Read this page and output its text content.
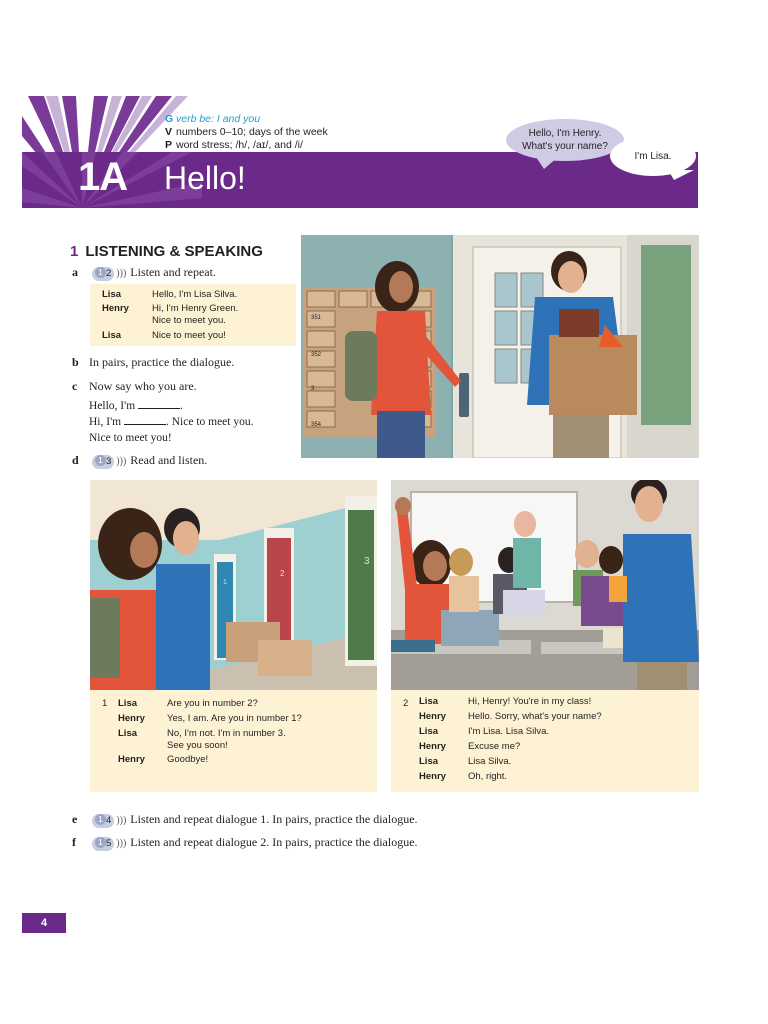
G verb be: I and you
V numbers 0–10; days of the week
P word stress; /h/, /aɪ/, and /i/
1A Hello!
Hello, I'm Henry.
What's your name?
I'm Lisa.
1 LISTENING & SPEAKING
a 1 2 ))) Listen and repeat.
Lisa	Hello, I'm Lisa Silva.
Henry Hi, I'm Henry Green.
Nice to meet you.
Lisa	Nice to meet you!
b In pairs, practice the dialogue.
c Now say who you are.
Hello, I'm	.
Hi, I'm	. Nice to meet you.
Nice to meet you!
d 1 3 ))) Read and listen.
351
352
354
3
3
2
1
1 Lisa	Are you in number 2?
Henry Yes, I am. Are you in number 1?
Lisa	No, I'm not. I'm in number 3.
See you soon!
Henry Goodbye!
2 Lisa	Hi, Henry! You're in my class!
Henry Hello. Sorry, what's your name?
Lisa	I'm Lisa. Lisa Silva.
Henry Excuse me?
Lisa	Lisa Silva.
Henry Oh, right.
e 1 4 ))) Listen and repeat dialogue 1. In pairs, practice the dialogue.
f	1 5 ))) Listen and repeat dialogue 2. In pairs, practice the dialogue.
4
